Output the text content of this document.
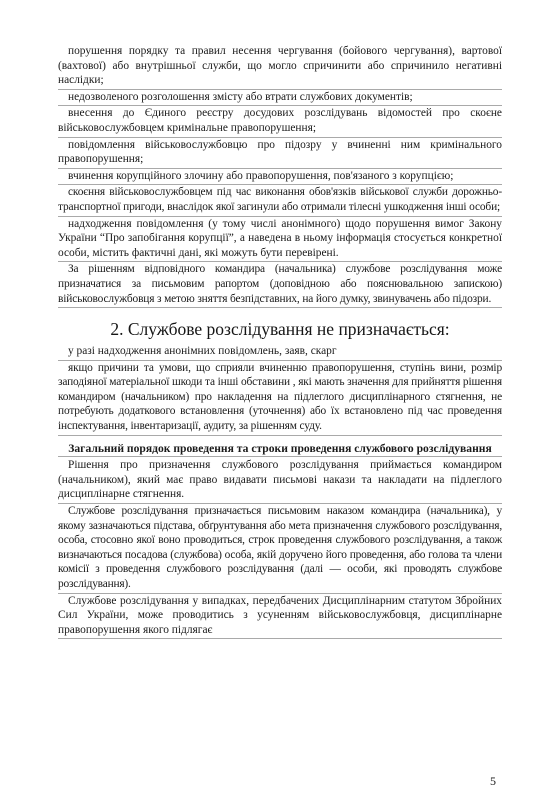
порушення порядку та правил несення чергування (бойового чергування), вартової (вахтової) або внутрішньої служби, що могло спричинити або спричинило негативні наслідки;

недозволеного розголошення змісту або втрати службових документів;

внесення до Єдиного реєстру досудових розслідувань відомостей про скоєне військовослужбовцем кримінальне правопорушення;

повідомлення військовослужбовцю про підозру у вчиненні ним кримінального правопорушення;

вчинення корупційного злочину або правопорушення, пов'язаного з корупцією;

скоєння військовослужбовцем під час виконання обов'язків військової служби дорожньо-транспортної пригоди, внаслідок якої загинули або отримали тілесні ушкодження інші особи;

надходження повідомлення (у тому числі анонімного) щодо порушення вимог Закону України “Про запобігання корупції”, а наведена в ньому інформація стосується конкретної особи, містить фактичні дані, які можуть бути перевірені.

За рішенням відповідного командира (начальника) службове розслідування може призначатися за письмовим рапортом (доповідною або пояснювальною запискою) військовослужбовця з метою зняття безпідставних, на його думку, звинувачень або підозри.

2. Службове розслідування не призначається:

у разі надходження анонімних повідомлень, заяв, скарг

якщо причини та умови, що сприяли вчиненню правопорушення, ступінь вини, розмір заподіяної матеріальної шкоди та інші обставини , які мають значення для прийняття рішення командиром (начальником) про накладення на підлеглого дисциплінарного стягнення, не потребують додаткового встановлення (уточнення) або їх встановлено під час проведення інспектування, інвентаризації, аудиту, за рішенням суду.

Загальний порядок проведення та строки проведення службового розслідування

Рішення про призначення службового розслідування приймається командиром (начальником), який має право видавати письмові накази та накладати на підлеглого дисциплінарне стягнення.

Службове розслідування призначається письмовим наказом командира (начальника), у якому зазначаються підстава, обґрунтування або мета призначення службового розслідування, особа, стосовно якої воно проводиться, строк проведення службового розслідування, а також визначаються посадова (службова) особа, якій доручено його проведення, або голова та члени комісії з проведення службового розслідування (далі — особи, які проводять службове розслідування).

Службове розслідування у випадках, передбачених Дисциплінарним статутом Збройних Сил України, може проводитись з усуненням військовослужбовця, дисциплінарне правопорушення якого підлягає

5
